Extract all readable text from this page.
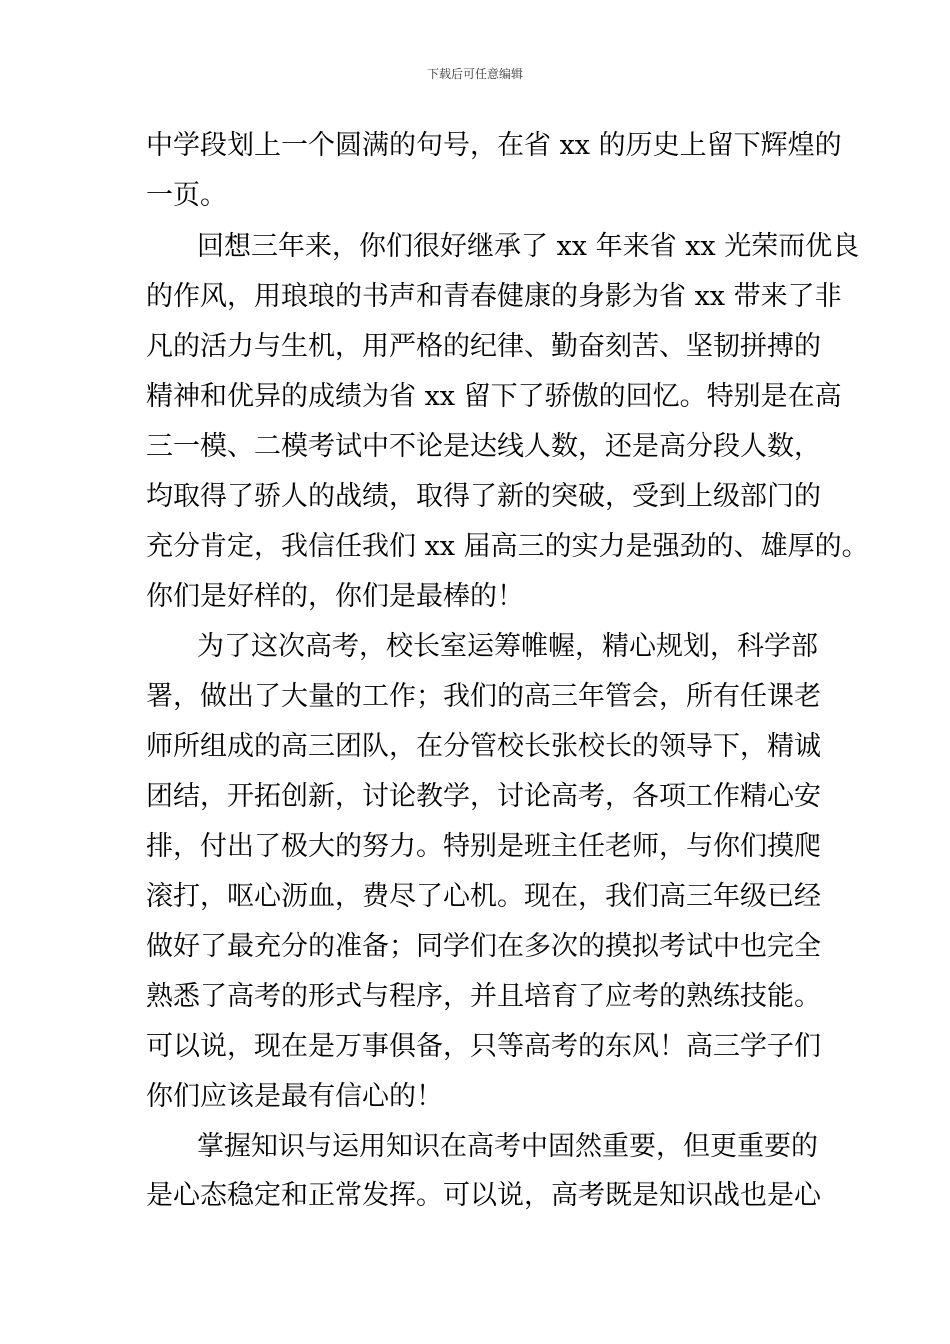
下载后可任意编辑
中学段划上一个圆满的句号，在省 xx 的历史上留下辉煌的
一页。
回想三年来，你们很好继承了 xx 年来省 xx 光荣而优良
的作风，用琅琅的书声和青春健康的身影为省 xx 带来了非
凡的活力与生机，用严格的纪律、勤奋刻苦、坚韧拼搏的
精神和优异的成绩为省 xx 留下了骄傲的回忆。特别是在高
三一模、二模考试中不论是达线人数，还是高分段人数，
均取得了骄人的战绩，取得了新的突破，受到上级部门的
充分肯定，我信任我们 xx 届高三的实力是强劲的、雄厚的。
你们是好样的，你们是最棒的！
为了这次高考，校长室运筹帷幄，精心规划，科学部
署，做出了大量的工作；我们的高三年管会，所有任课老
师所组成的高三团队，在分管校长张校长的领导下，精诚
团结，开拓创新，讨论教学，讨论高考，各项工作精心安
排，付出了极大的努力。特别是班主任老师，与你们摸爬
滚打，呕心沥血，费尽了心机。现在，我们高三年级已经
做好了最充分的准备；同学们在多次的摸拟考试中也完全
熟悉了高考的形式与程序，并且培育了应考的熟练技能。
可以说，现在是万事俱备，只等高考的东风！高三学子们
你们应该是最有信心的！
掌握知识与运用知识在高考中固然重要，但更重要的
是心态稳定和正常发挥。可以说，高考既是知识战也是心
